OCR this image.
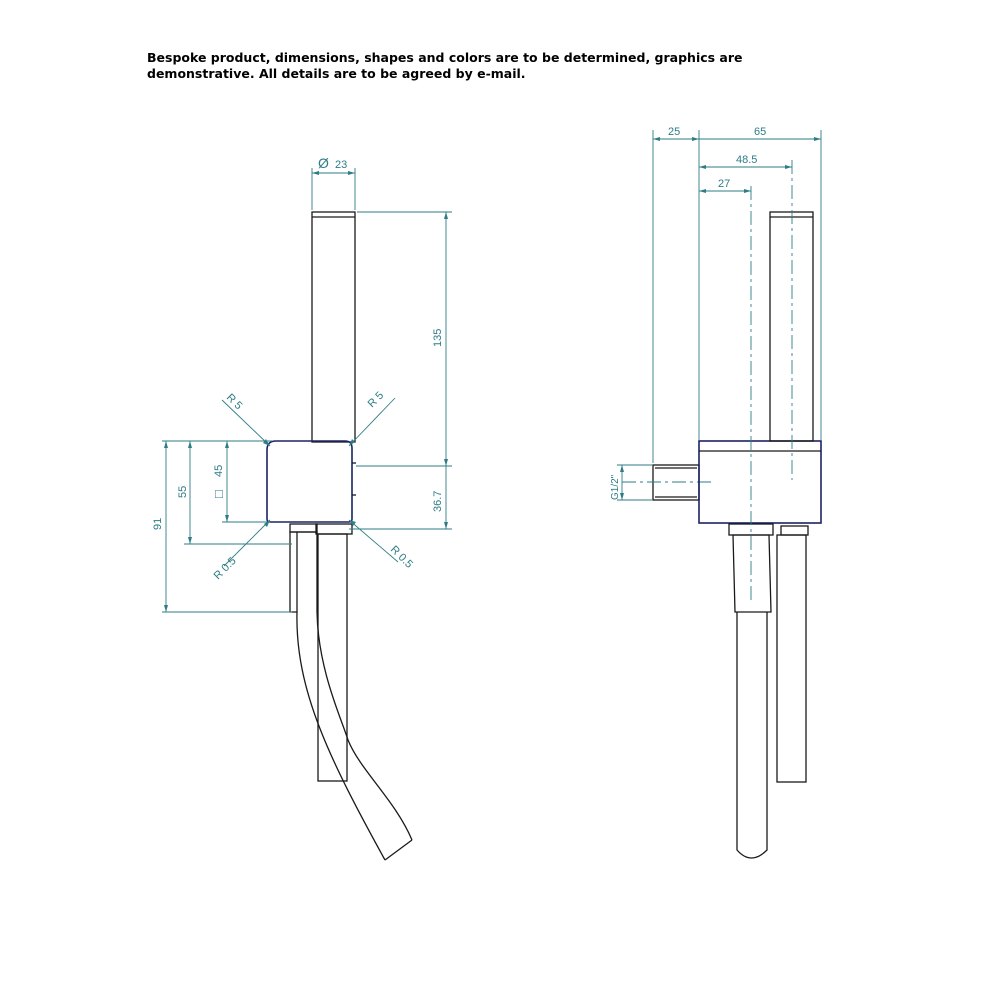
Bespoke product, dimensions, shapes and colors are to be determined, graphics are
demonstrative. All details are to be agreed by e-mail.
R 5	R 5
R 0.5	R 0.5
Ø 23
135
36.7
45
□
55
91
25	65
48.5
27
G1/2"
